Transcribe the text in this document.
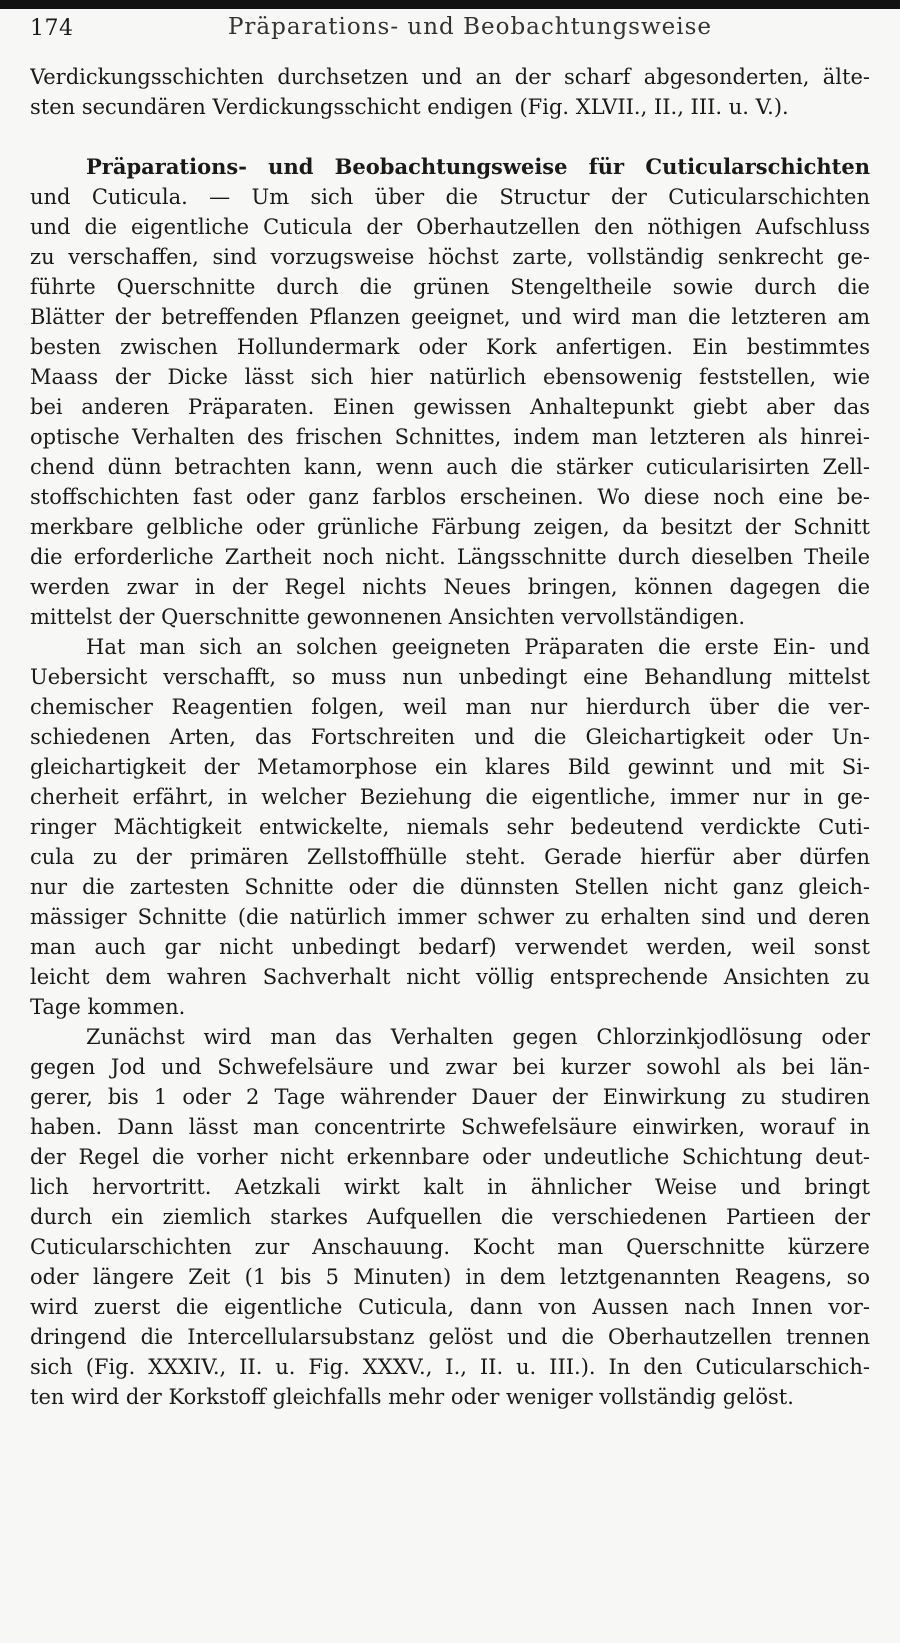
174	Präparations- und Beobachtungsweise
Verdickungsschichten durchsetzen und an der scharf abgesonderten, älte-
sten secundären Verdickungsschicht endigen (Fig. XLVII., II., III. u. V.).
Präparations- und Beobachtungsweise für Cuticularschichten
und Cuticula. — Um sich über die Structur der Cuticularschichten
und die eigentliche Cuticula der Oberhautzellen den nöthigen Aufschluss
zu verschaffen, sind vorzugsweise höchst zarte, vollständig senkrecht ge-
führte Querschnitte durch die grünen Stengeltheile sowie durch die
Blätter der betreffenden Pflanzen geeignet, und wird man die letzteren am
besten zwischen Hollundermark oder Kork anfertigen. Ein bestimmtes
Maass der Dicke lässt sich hier natürlich ebensowenig feststellen, wie
bei anderen Präparaten. Einen gewissen Anhaltepunkt giebt aber das
optische Verhalten des frischen Schnittes, indem man letzteren als hinrei-
chend dünn betrachten kann, wenn auch die stärker cuticularisirten Zell-
stoffschichten fast oder ganz farblos erscheinen. Wo diese noch eine be-
merkbare gelbliche oder grünliche Färbung zeigen, da besitzt der Schnitt
die erforderliche Zartheit noch nicht. Längsschnitte durch dieselben Theile
werden zwar in der Regel nichts Neues bringen, können dagegen die
mittelst der Querschnitte gewonnenen Ansichten vervollständigen.
Hat man sich an solchen geeigneten Präparaten die erste Ein- und
Uebersicht verschafft, so muss nun unbedingt eine Behandlung mittelst
chemischer Reagentien folgen, weil man nur hierdurch über die ver-
schiedenen Arten, das Fortschreiten und die Gleichartigkeit oder Un-
gleichartigkeit der Metamorphose ein klares Bild gewinnt und mit Si-
cherheit erfährt, in welcher Beziehung die eigentliche, immer nur in ge-
ringer Mächtigkeit entwickelte, niemals sehr bedeutend verdickte Cuti-
cula zu der primären Zellstoffhülle steht. Gerade hierfür aber dürfen
nur die zartesten Schnitte oder die dünnsten Stellen nicht ganz gleich-
mässiger Schnitte (die natürlich immer schwer zu erhalten sind und deren
man auch gar nicht unbedingt bedarf) verwendet werden, weil sonst
leicht dem wahren Sachverhalt nicht völlig entsprechende Ansichten zu
Tage kommen.
Zunächst wird man das Verhalten gegen Chlorzinkjodlösung oder
gegen Jod und Schwefelsäure und zwar bei kurzer sowohl als bei län-
gerer, bis 1 oder 2 Tage währender Dauer der Einwirkung zu studiren
haben. Dann lässt man concentrirte Schwefelsäure einwirken, worauf in
der Regel die vorher nicht erkennbare oder undeutliche Schichtung deut-
lich hervortritt. Aetzkali wirkt kalt in ähnlicher Weise und bringt
durch ein ziemlich starkes Aufquellen die verschiedenen Partieen der
Cuticularschichten zur Anschauung. Kocht man Querschnitte kürzere
oder längere Zeit (1 bis 5 Minuten) in dem letztgenannten Reagens, so
wird zuerst die eigentliche Cuticula, dann von Aussen nach Innen vor-
dringend die Intercellularsubstanz gelöst und die Oberhautzellen trennen
sich (Fig. XXXIV., II. u. Fig. XXXV., I., II. u. III.). In den Cuticularschich-
ten wird der Korkstoff gleichfalls mehr oder weniger vollständig gelöst.
